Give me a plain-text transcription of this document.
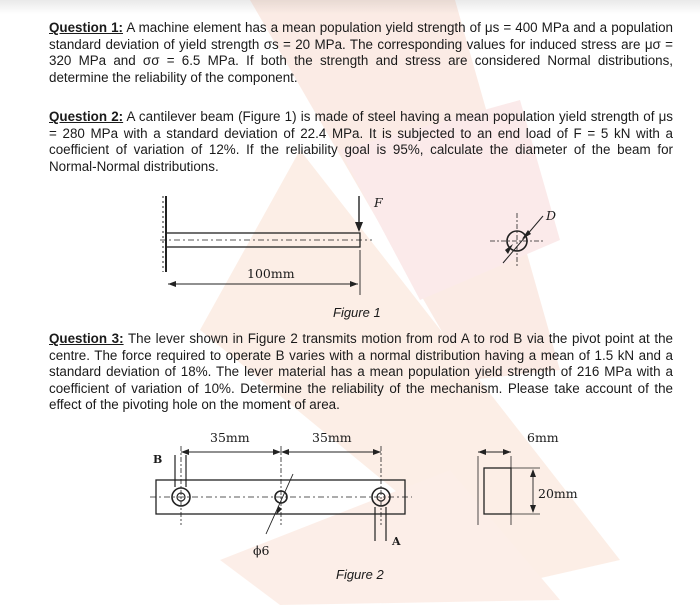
Question 1: A machine element has a mean population yield strength of μs = 400 MPa and a population standard deviation of yield strength σs = 20 MPa. The corresponding values for induced stress are μσ = 320 MPa and σσ = 6.5 MPa. If both the strength and stress are considered Normal distributions, determine the reliability of the component.
Question 2: A cantilever beam (Figure 1) is made of steel having a mean population yield strength of μs = 280 MPa with a standard deviation of 22.4 MPa. It is subjected to an end load of F = 5 kN with a coefficient of variation of 12%. If the reliability goal is 95%, calculate the diameter of the beam for Normal-Normal distributions.
F
100mm
D
Figure 1
Question 3: The lever shown in Figure 2 transmits motion from rod A to rod B via the pivot point at the centre. The force required to operate B varies with a normal distribution having a mean of 1.5 kN and a standard deviation of 18%. The lever material has a mean population yield strength of 216 MPa with a coefficient of variation of 10%. Determine the reliability of the mechanism. Please take account of the effect of the pivoting hole on the moment of area.
35mm	35mm	6mm
20mm
B
A
ϕ6
Figure 2
